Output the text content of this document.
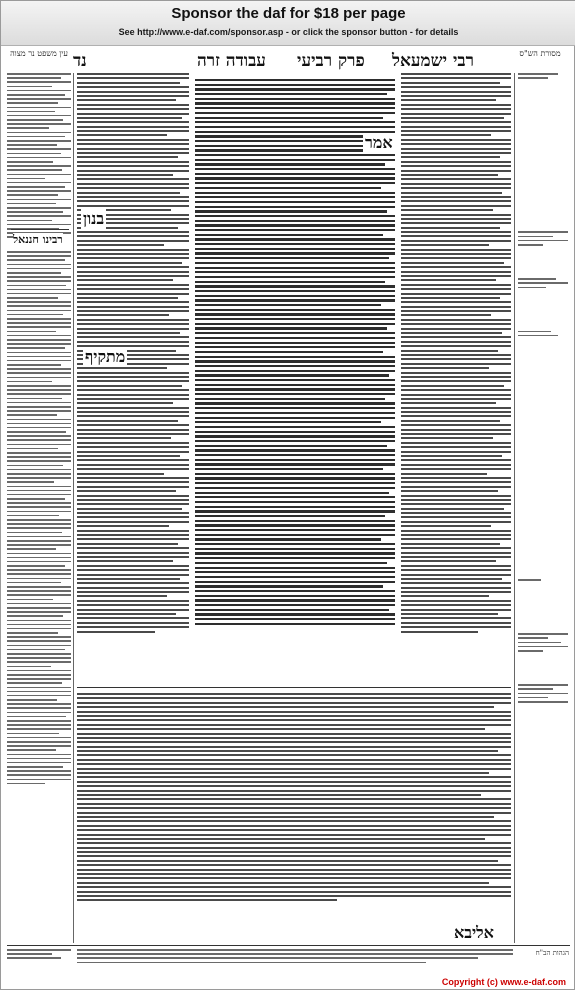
Sponsor the daf for $18 per page
See http://www.e-daf.com/sponsor.asp - or click the sponsor button - for details
עין משפט נר מצוה נד	עבודה זרה פרק רביעי רבי ישמעאל	מסורת הש"ס
רבינו חננאל
בנון
מתקיף
אמר
אליבא
הגהות הב"ח
Copyright (c) www.e-daf.com
